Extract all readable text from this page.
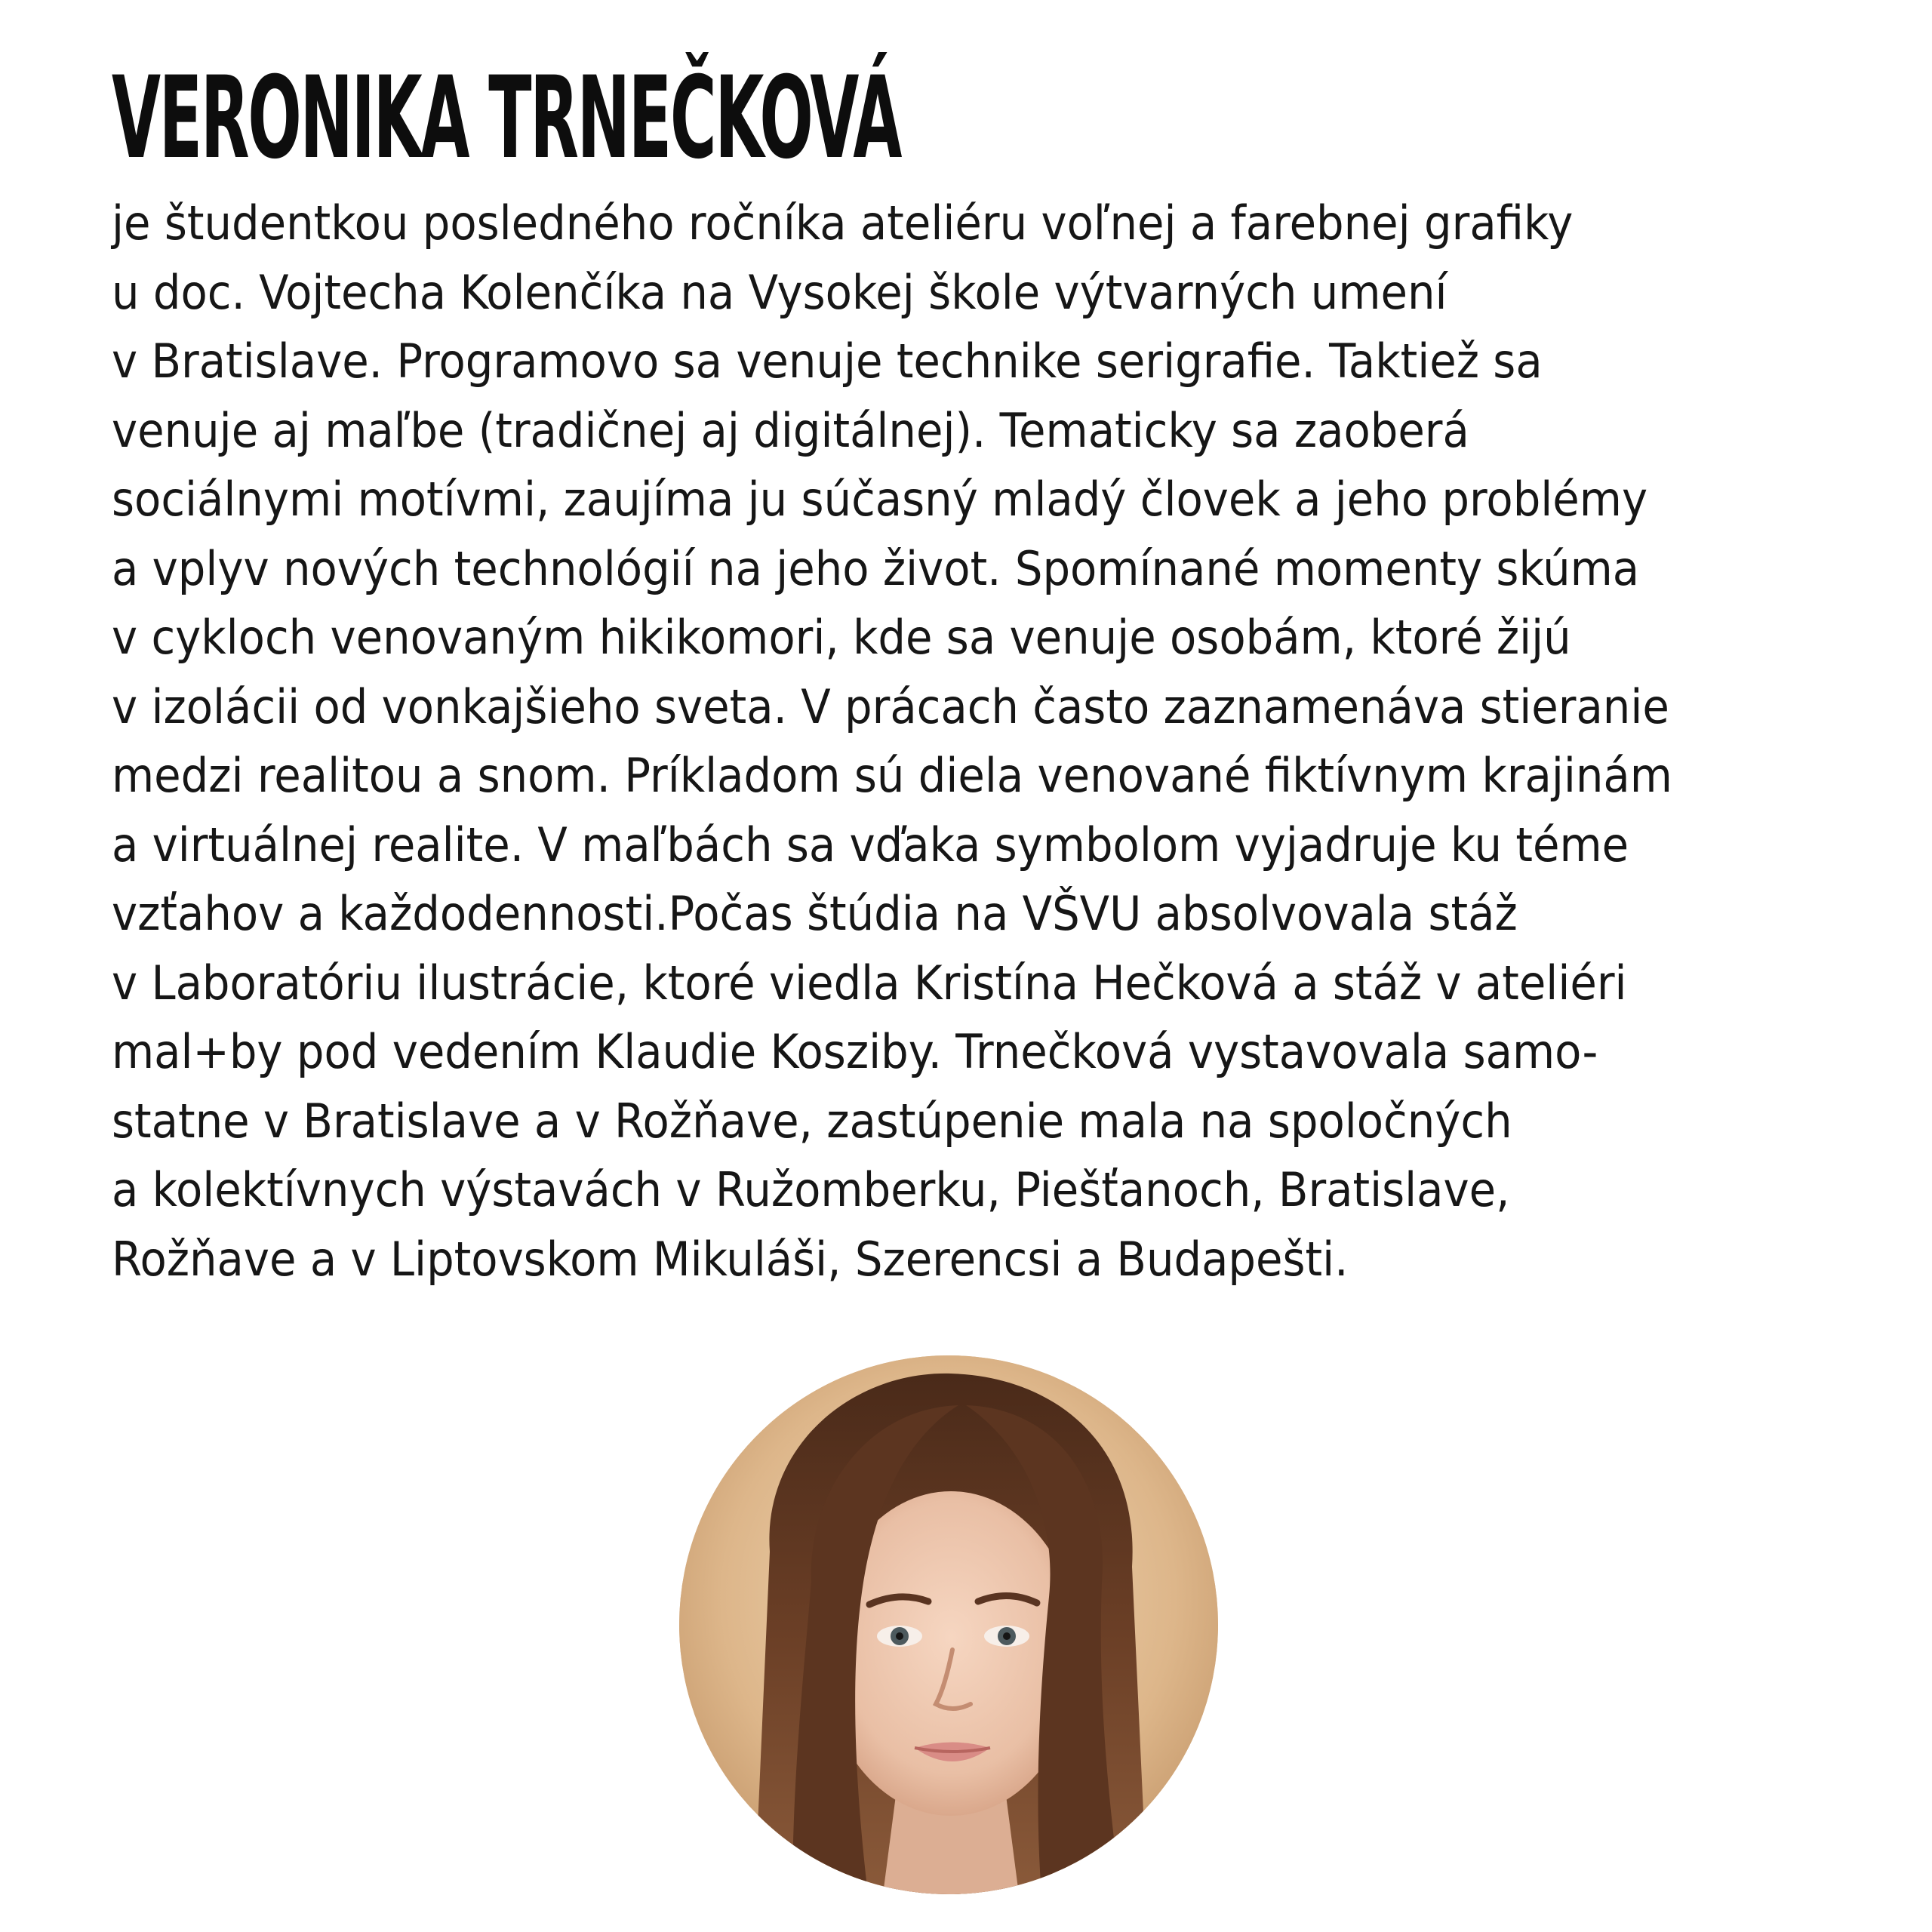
VERONIKA TRNEČKOVÁ
je študentkou posledného ročníka ateliéru voľnej a farebnej grafiky
u doc. Vojtecha Kolenčíka na Vysokej škole výtvarných umení
v Bratislave. Programovo sa venuje technike serigrafie. Taktiež sa
venuje aj maľbe (tradičnej aj digitálnej). Tematicky sa zaoberá
sociálnymi motívmi, zaujíma ju súčasný mladý človek a jeho problémy
a vplyv nových technológií na jeho život. Spomínané momenty skúma
v cykloch venovaným hikikomori, kde sa venuje osobám, ktoré žijú
v izolácii od vonkajšieho sveta. V prácach často zaznamenáva stieranie
medzi realitou a snom. Príkladom sú diela venované fiktívnym krajinám
a virtuálnej realite. V maľbách sa vďaka symbolom vyjadruje ku téme
vzťahov a každodennosti.Počas štúdia na VŠVU absolvovala stáž
v Laboratóriu ilustrácie, ktoré viedla Kristína Hečková a stáž v ateliéri
mal+by pod vedením Klaudie Kosziby. Trnečková vystavovala samo-
statne v Bratislave a v Rožňave, zastúpenie mala na spoločných
a kolektívnych výstavách v Ružomberku, Piešťanoch, Bratislave,
Rožňave a v Liptovskom Mikuláši, Szerencsi a Budapešti.
